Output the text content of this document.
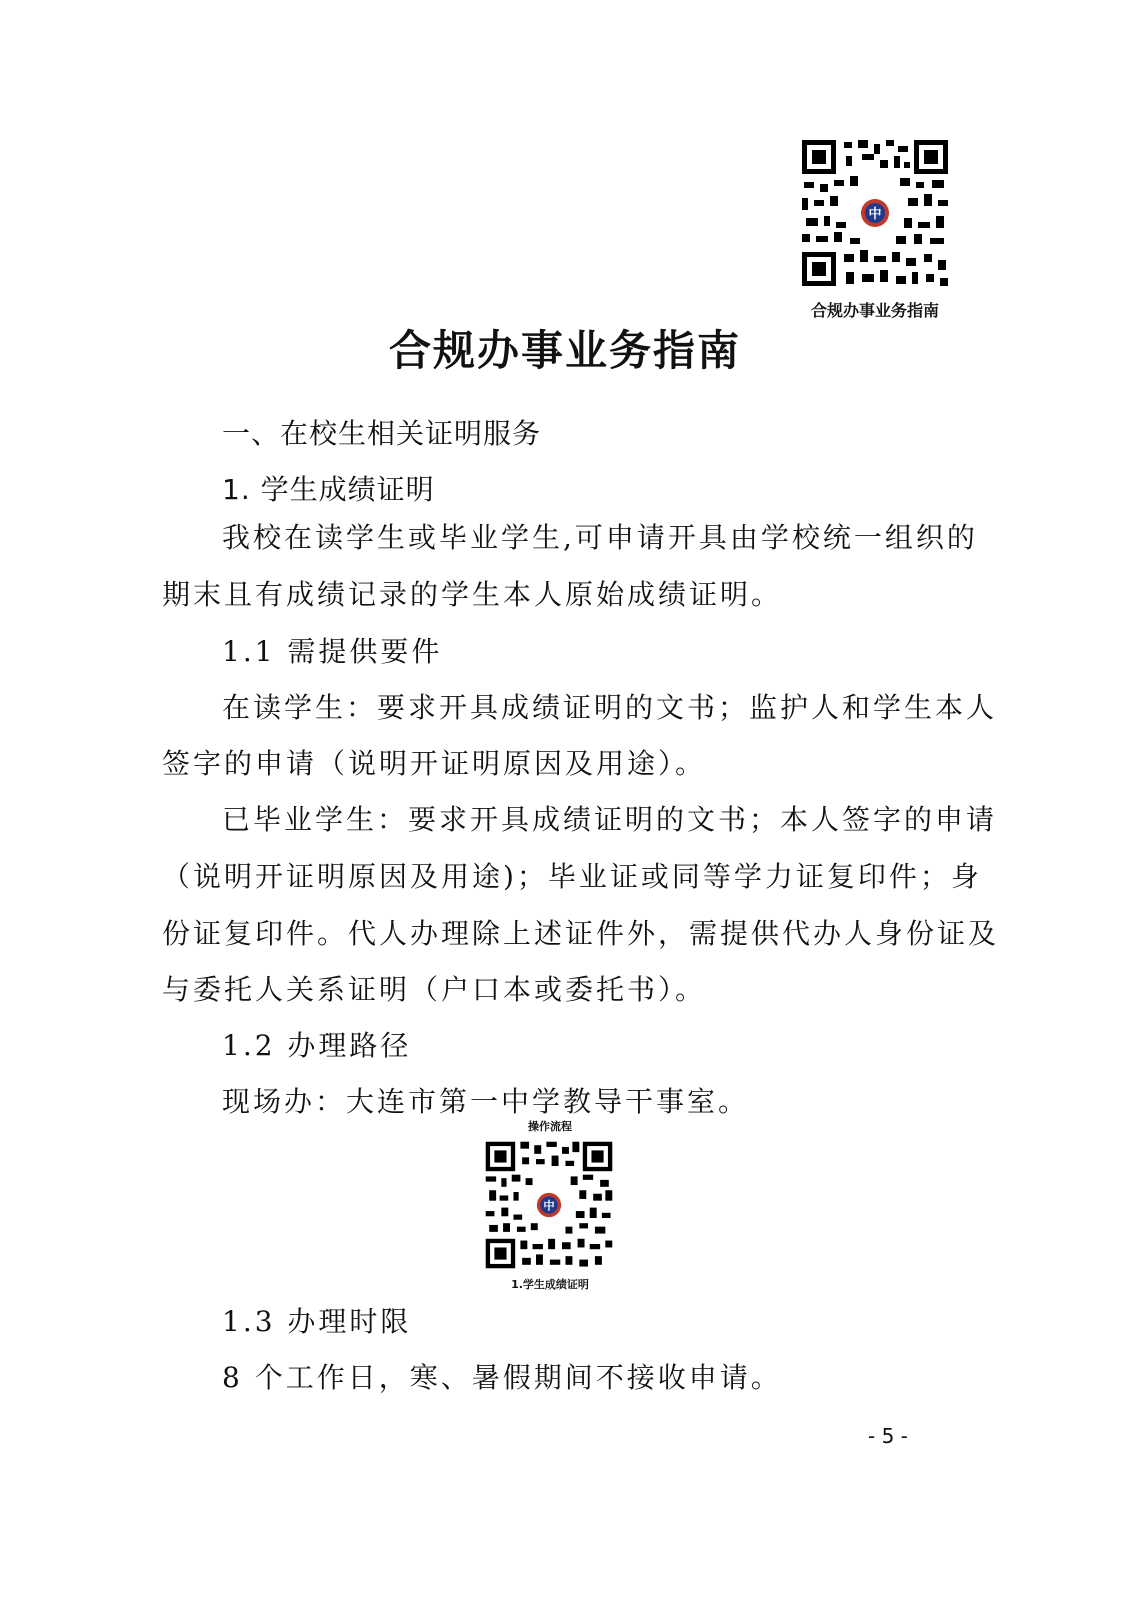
中
合规办事业务指南
合规办事业务指南
一、在校生相关证明服务
1. 学生成绩证明
我校在读学生或毕业学生,可申请开具由学校统一组织的
期末且有成绩记录的学生本人原始成绩证明。
1.1 需提供要件
在读学生：要求开具成绩证明的文书；监护人和学生本人
签字的申请（说明开证明原因及用途）。
已毕业学生：要求开具成绩证明的文书；本人签字的申请
（说明开证明原因及用途)；毕业证或同等学力证复印件；身
份证复印件。代人办理除上述证件外，需提供代办人身份证及
与委托人关系证明（户口本或委托书）。
1.2 办理路径
现场办：大连市第一中学教导干事室。
操作流程
中
1.学生成绩证明
1.3 办理时限
8 个工作日，寒、暑假期间不接收申请。
- 5 -
